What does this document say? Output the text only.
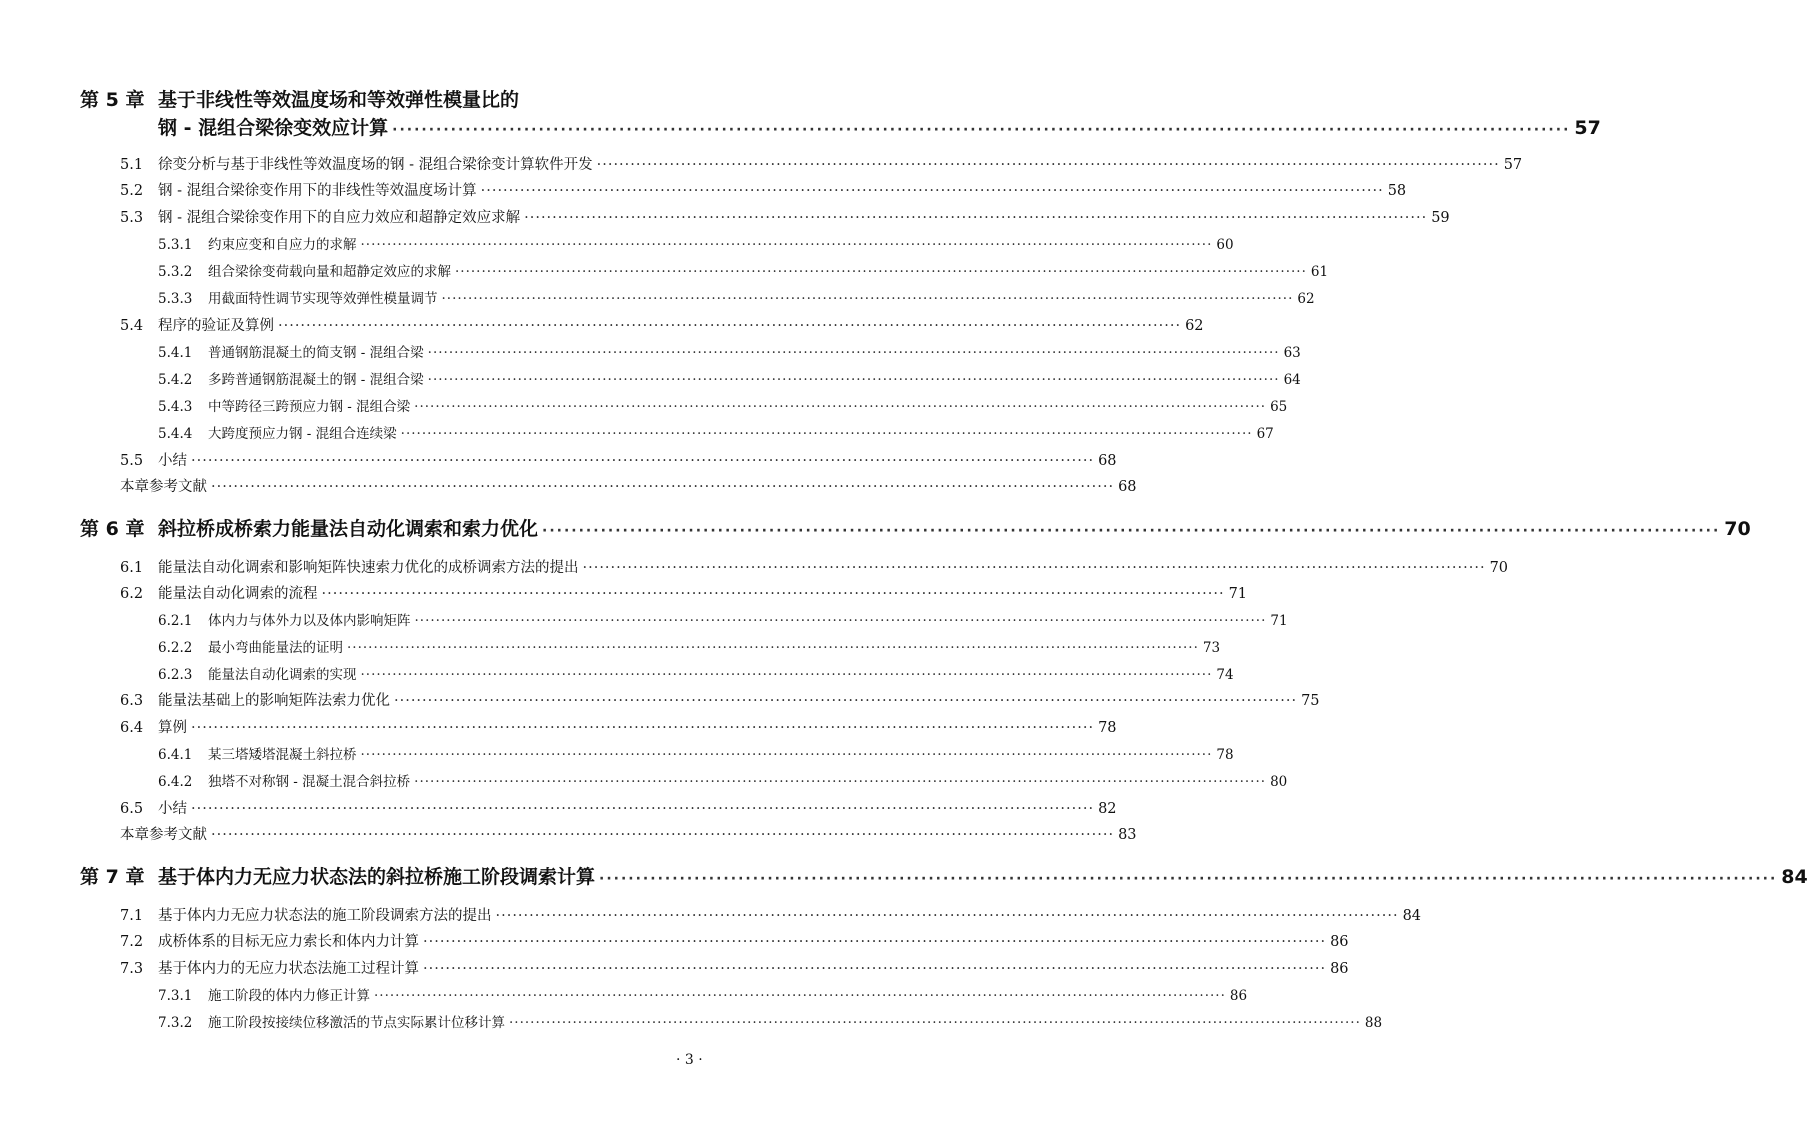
第 5 章 基于非线性等效温度场和等效弹性模量比的
钢 - 混组合梁徐变效应计算 ·····	57
5.1	徐变分析与基于非线性等效温度场的钢 - 混组合梁徐变计算软件开发 ·····	57
5.2	钢 - 混组合梁徐变作用下的非线性等效温度场计算 ·····	58
5.3	钢 - 混组合梁徐变作用下的自应力效应和超静定效应求解 ·····	59
5.3.1	约束应变和自应力的求解 ·····	60
5.3.2	组合梁徐变荷载向量和超静定效应的求解 ·····	61
5.3.3	用截面特性调节实现等效弹性模量调节 ·····	62
5.4	程序的验证及算例 ·····	62
5.4.1	普通钢筋混凝土的简支钢 - 混组合梁 ·····	63
5.4.2	多跨普通钢筋混凝土的钢 - 混组合梁 ·····	64
5.4.3	中等跨径三跨预应力钢 - 混组合梁 ·····	65
5.4.4	大跨度预应力钢 - 混组合连续梁 ·····	67
5.5	小结 ·····	68
本章参考文献 ·····	68
第 6 章 斜拉桥成桥索力能量法自动化调索和索力优化 ·····	70
6.1	能量法自动化调索和影响矩阵快速索力优化的成桥调索方法的提出 ·····	70
6.2	能量法自动化调索的流程 ·····	71
6.2.1	体内力与体外力以及体内影响矩阵 ·····	71
6.2.2	最小弯曲能量法的证明 ·····	73
6.2.3	能量法自动化调索的实现 ·····	74
6.3	能量法基础上的影响矩阵法索力优化 ·····	75
6.4	算例 ·····	78
6.4.1	某三塔矮塔混凝土斜拉桥 ·····	78
6.4.2	独塔不对称钢 - 混凝土混合斜拉桥 ·····	80
6.5	小结 ·····	82
本章参考文献 ·····	83
第 7 章 基于体内力无应力状态法的斜拉桥施工阶段调索计算 ·····	84
7.1	基于体内力无应力状态法的施工阶段调索方法的提出 ·····	84
7.2	成桥体系的目标无应力索长和体内力计算 ·····	86
7.3	基于体内力的无应力状态法施工过程计算 ·····	86
7.3.1	施工阶段的体内力修正计算 ·····	86
7.3.2	施工阶段按接续位移激活的节点实际累计位移计算 ·····	88
· 3 ·
